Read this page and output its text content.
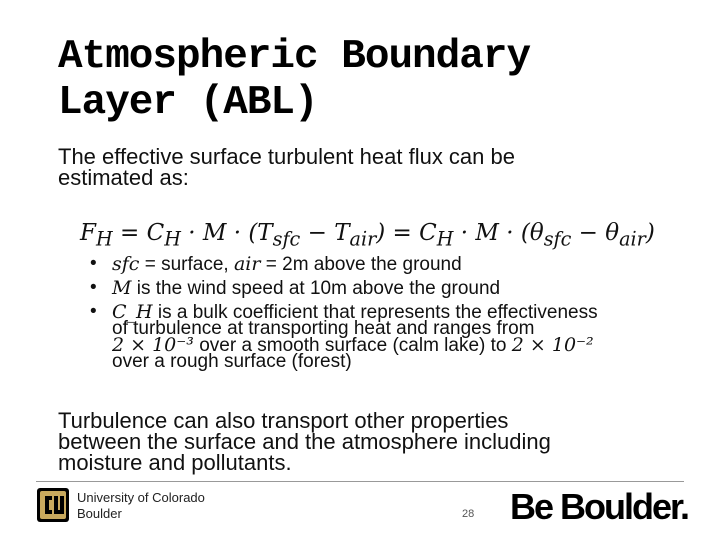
Atmospheric Boundary
Layer (ABL)

The effective surface turbulent heat flux can be
estimated as:

$F_H = C_H \cdot M \cdot (T_{sfc} - T_{air}) = C_H \cdot M \cdot (\theta_{sfc} - \theta_{air})$
• sfc = surface, air = 2m above the ground
• M is the wind speed at 10m above the ground
• C_H is a bulk coefficient that represents the effectiveness
of turbulence at transporting heat and ranges from
2 × 10⁻³ over a smooth surface (calm lake) to 2 × 10⁻²
over a rough surface (forest)

Turbulence can also transport other properties
between the surface and the atmosphere including
moisture and pollutants.

University of Colorado
Boulder	28 Be Boulder.
